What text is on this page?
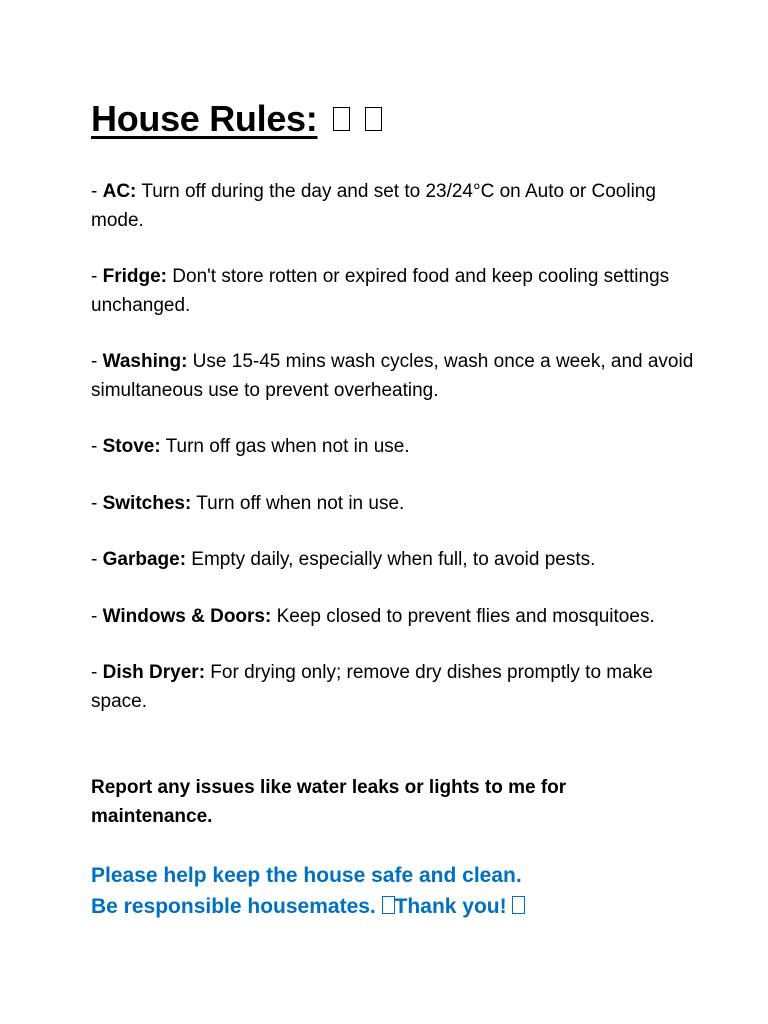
House Rules:
- AC: Turn off during the day and set to 23/24°C on Auto or Cooling mode.
- Fridge: Don't store rotten or expired food and keep cooling settings unchanged.
- Washing: Use 15-45 mins wash cycles, wash once a week, and avoid simultaneous use to prevent overheating.
- Stove: Turn off gas when not in use.
- Switches: Turn off when not in use.
- Garbage: Empty daily, especially when full, to avoid pests.
- Windows & Doors: Keep closed to prevent flies and mosquitoes.
- Dish Dryer: For drying only; remove dry dishes promptly to make space.

Report any issues like water leaks or lights to me for maintenance.

Please help keep the house safe and clean.
Be responsible housemates. Thank you!
